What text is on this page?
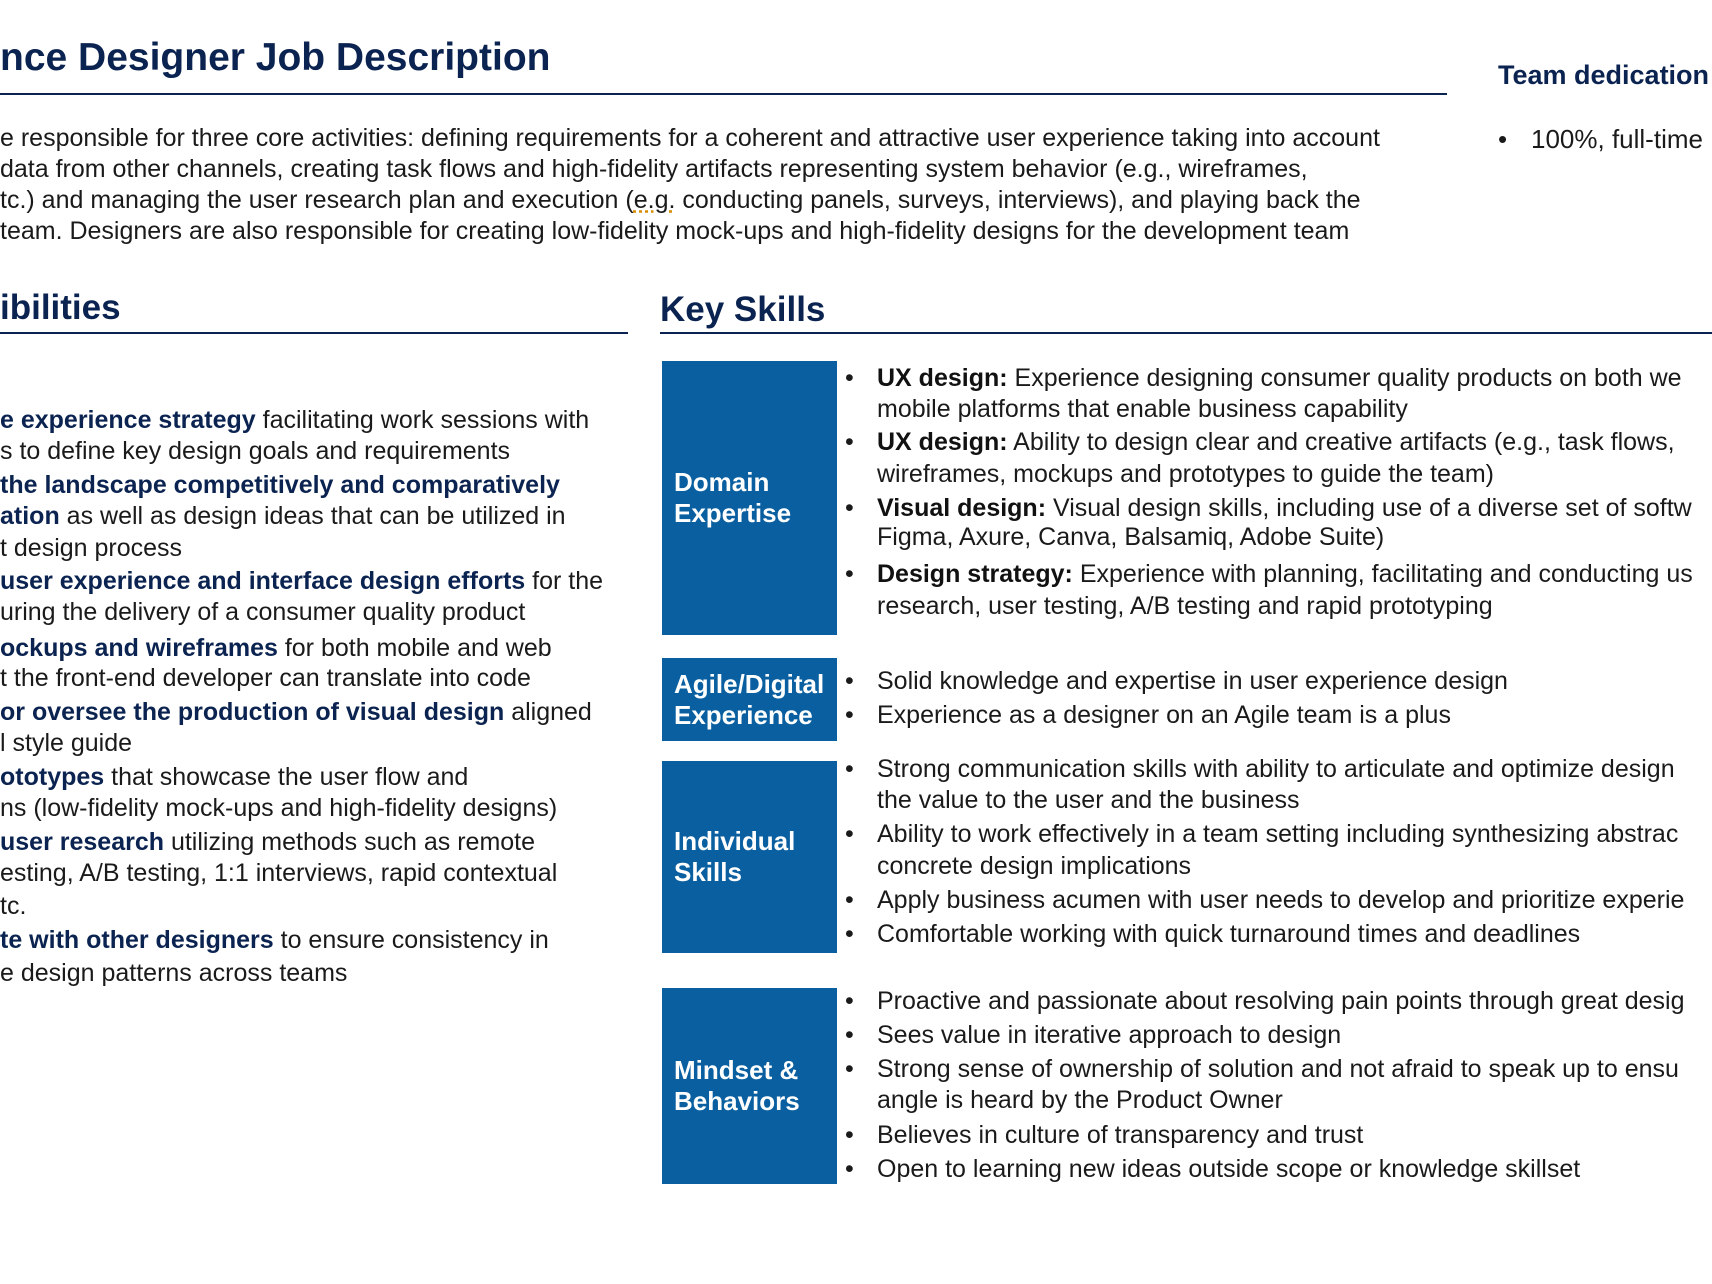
nce Designer Job Description	Team dedication
• 100%, full-time
e responsible for three core activities: defining requirements for a coherent and attractive user experience taking into account
data from other channels, creating task flows and high-fidelity artifacts representing system behavior (e.g., wireframes,
tc.) and managing the user research plan and execution (e.g. conducting panels, surveys, interviews), and playing back the
team. Designers are also responsible for creating low-fidelity mock-ups and high-fidelity designs for the development team
ibilities
e experience strategy facilitating work sessions with
s to define key design goals and requirements
the landscape competitively and comparatively
ation as well as design ideas that can be utilized in
t design process
user experience and interface design efforts for the
uring the delivery of a consumer quality product
ockups and wireframes for both mobile and web
t the front-end developer can translate into code
or oversee the production of visual design aligned
l style guide
ototypes that showcase the user flow and
ns (low-fidelity mock-ups and high-fidelity designs)
user research utilizing methods such as remote
esting, A/B testing, 1:1 interviews, rapid contextual
tc.
te with other designers to ensure consistency in
e design patterns across teams
Key Skills
Domain
Expertise
• UX design: Experience designing consumer quality products on both we
mobile platforms that enable business capability
• UX design: Ability to design clear and creative artifacts (e.g., task flows,
wireframes, mockups and prototypes to guide the team)
• Visual design: Visual design skills, including use of a diverse set of softw
Figma, Axure, Canva, Balsamiq, Adobe Suite)
• Design strategy: Experience with planning, facilitating and conducting us
research, user testing, A/B testing and rapid prototyping
Agile/Digital
Experience
• Solid knowledge and expertise in user experience design
• Experience as a designer on an Agile team is a plus
Individual
Skills
• Strong communication skills with ability to articulate and optimize design
the value to the user and the business
• Ability to work effectively in a team setting including synthesizing abstrac
concrete design implications
• Apply business acumen with user needs to develop and prioritize experie
• Comfortable working with quick turnaround times and deadlines
Mindset &
Behaviors
• Proactive and passionate about resolving pain points through great desig
• Sees value in iterative approach to design
• Strong sense of ownership of solution and not afraid to speak up to ensu
angle is heard by the Product Owner
• Believes in culture of transparency and trust
• Open to learning new ideas outside scope or knowledge skillset
